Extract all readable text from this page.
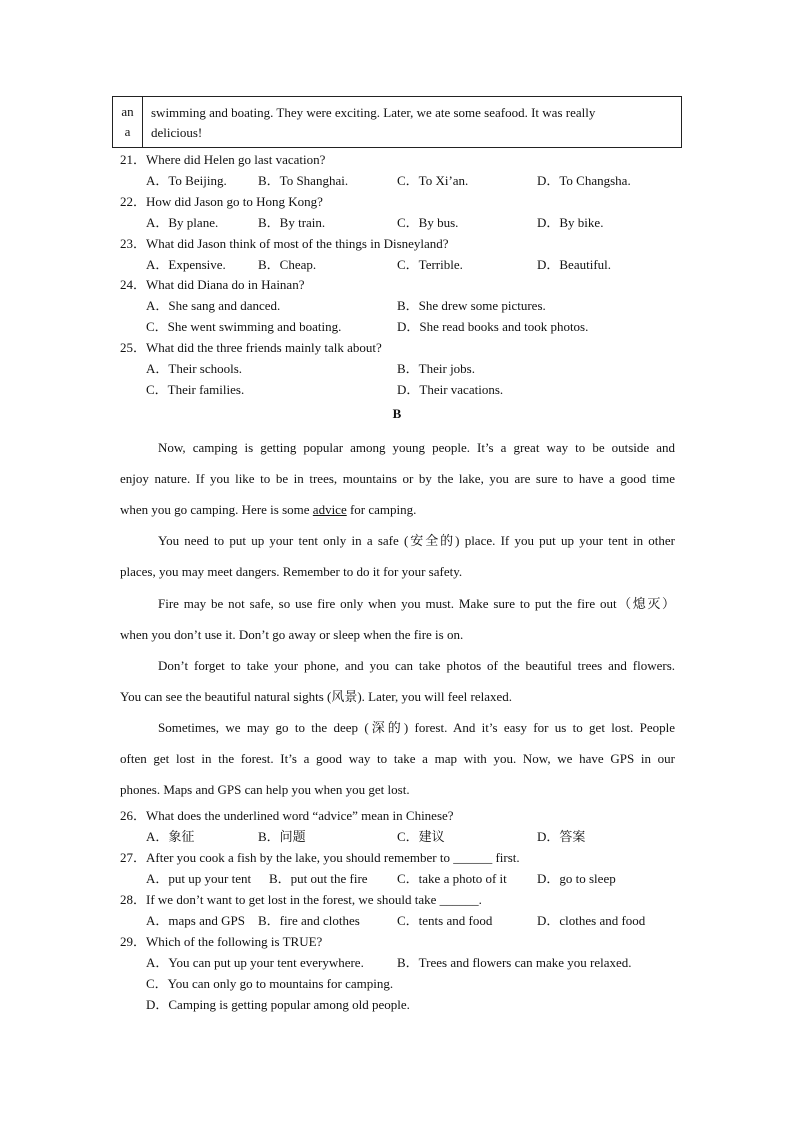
an
a
swimming and boating. They were exciting. Later, we ate some seafood. It was really
delicious!
21．Where did Helen go last vacation?
A．To Beijing. B．To Shanghai.	C．To Xi’an.	D．To Changsha.
22．How did Jason go to Hong Kong?
A．By plane.	B．By train.	C．By bus.	D．By bike.
23．What did Jason think of most of the things in Disneyland?
A．Expensive. B．Cheap.	C．Terrible.	D．Beautiful.
24．What did Diana do in Hainan?
A．She sang and danced.	B．She drew some pictures.
C．She went swimming and boating.	D．She read books and took photos.
25．What did the three friends mainly talk about?
A．Their schools.	B．Their jobs.
C．Their families.	D．Their vacations.
B
Now, camping is getting popular among young people. It’s a great way to be outside and
enjoy nature. If you like to be in trees, mountains or by the lake, you are sure to have a good time
when you go camping. Here is some advice for camping.
You need to put up your tent only in a safe (安全的) place. If you put up your tent in other
places, you may meet dangers. Remember to do it for your safety.
Fire may be not safe, so use fire only when you must. Make sure to put the fire out（熄灭）
when you don’t use it. Don’t go away or sleep when the fire is on.
Don’t forget to take your phone, and you can take photos of the beautiful trees and flowers.
You can see the beautiful natural sights (风景). Later, you will feel relaxed.
Sometimes, we may go to the deep (深的) forest. And it’s easy for us to get lost. People
often get lost in the forest. It’s a good way to take a map with you. Now, we have GPS in our
phones. Maps and GPS can help you when you get lost.
26．What does the underlined word “advice” mean in Chinese?
A．象征	B．问题	C．建议	D．答案
27．After you cook a fish by the lake, you should remember to ______ first.
A．put up your tent B．put out the fire C．take a photo of it D．go to sleep
28．If we don’t want to get lost in the forest, we should take ______.
A．maps and GPS B．fire and clothes	C．tents and food	D．clothes and food
29．Which of the following is TRUE?
A．You can put up your tent everywhere.	B．Trees and flowers can make you relaxed.
C．You can only go to mountains for camping.
D．Camping is getting popular among old people.
